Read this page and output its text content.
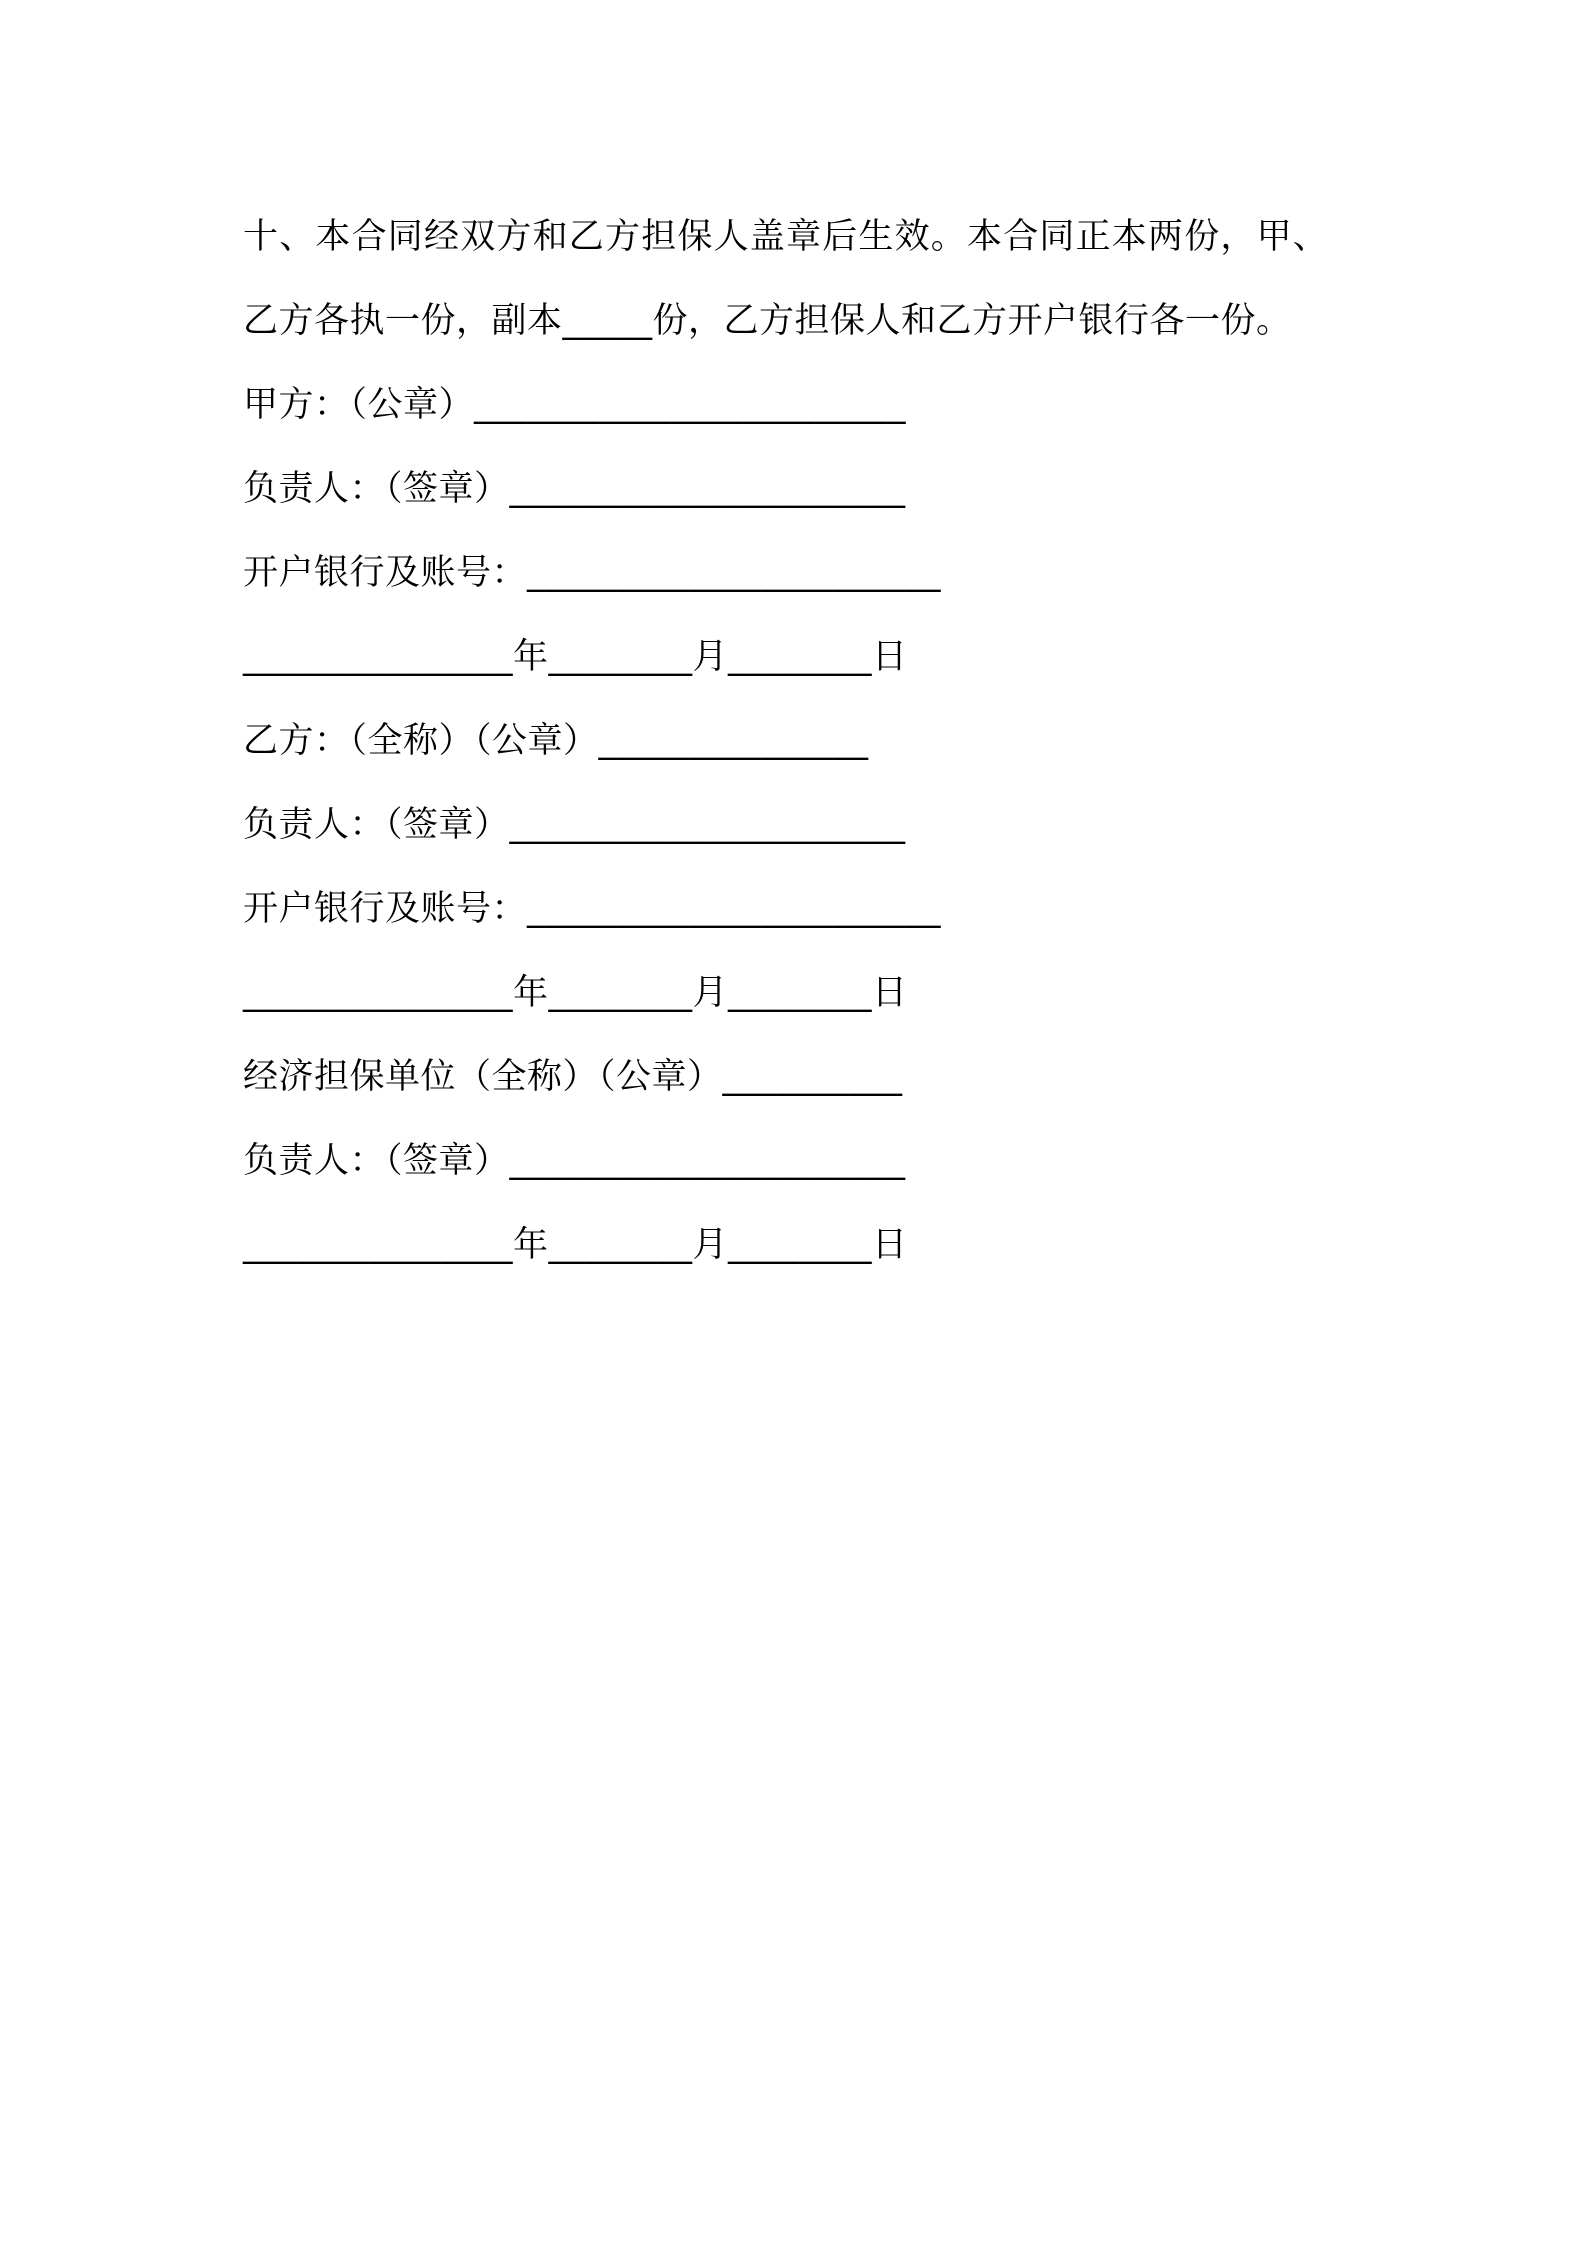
十、本合同经双方和乙方担保人盖章后生效。本合同正本两份，甲、
乙方各执一份，副本_____份，乙方担保人和乙方开户银行各一份。
甲方：（公章）________________________
负责人：（签章）______________________
开户银行及账号：_______________________
_______________年________月________日
乙方：（全称）（公章）_______________
负责人：（签章）______________________
开户银行及账号：_______________________
_______________年________月________日
经济担保单位（全称）（公章）__________
负责人：（签章）______________________
_______________年________月________日
